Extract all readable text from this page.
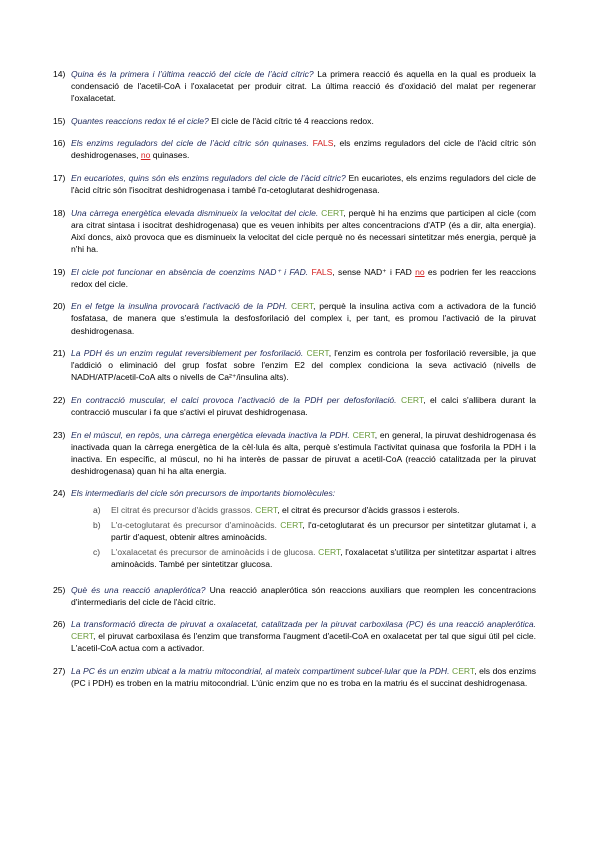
14) Quina és la primera i l’última reacció del cicle de l’àcid cítric? La primera reacció és aquella en la qual es produeix la condensació de l'acetil-CoA i l'oxalacetat per produir citrat. La última reacció és d'oxidació del malat per regenerar l'oxalacetat.
15) Quantes reaccions redox té el cicle? El cicle de l'àcid cítric té 4 reaccions redox.
16) Els enzims reguladors del cicle de l’àcid cítric són quinases. FALS, els enzims reguladors del cicle de l'àcid cítric són deshidrogenases, no quinases.
17) En eucariotes, quins són els enzims reguladors del cicle de l’àcid cítric? En eucariotes, els enzims reguladors del cicle de l'àcid cítric són l'isocitrat deshidrogenasa i també l'α-cetoglutarat deshidrogenasa.
18) Una càrrega energètica elevada disminueix la velocitat del cicle. CERT, perquè hi ha enzims que participen al cicle (com ara citrat sintasa i isocitrat deshidrogenasa) que es veuen inhibits per altes concentracions d'ATP (és a dir, alta energia). Així doncs, això provoca que es disminueix la velocitat del cicle perquè no és necessari sintetitzar més energia, perquè ja n'hi ha.
19) El cicle pot funcionar en absència de coenzims NAD⁺ i FAD. FALS, sense NAD⁺ i FAD no es podrien fer les reaccions redox del cicle.
20) En el fetge la insulina provocarà l’activació de la PDH. CERT, perquè la insulina activa com a activadora de la funció fosfatasa, de manera que s'estimula la desfosforilació del complex i, per tant, es promou l'activació de la piruvat deshidrogenasa.
21) La PDH és un enzim regulat reversiblement per fosforilació. CERT, l'enzim es controla per fosforilació reversible, ja que l'addició o eliminació del grup fosfat sobre l'enzim E2 del complex condiciona la seva activació (nivells de NADH/ATP/acetil-CoA alts o nivells de Ca²⁺/insulina alts).
22) En contracció muscular, el calci provoca l’activació de la PDH per defosforilació. CERT, el calci s'allibera durant la contracció muscular i fa que s'activi el piruvat deshidrogenasa.
23) En el múscul, en repòs, una càrrega energètica elevada inactiva la PDH. CERT, en general, la piruvat deshidrogenasa és inactivada quan la càrrega energètica de la cèl·lula és alta, perquè s'estimula l'activitat quinasa que fosforila la PDH i la inactiva. En específic, al múscul, no hi ha interès de passar de piruvat a acetil-CoA (reacció catalitzada per la piruvat deshidrogenasa) quan hi ha alta energia.
24) Els intermediaris del cicle són precursors de importants biomolècules:
a)	El citrat és precursor d'àcids grassos. CERT, el citrat és precursor d'àcids grassos i esterols.
b)	L'α-cetoglutarat és precursor d'aminoàcids. CERT, l'α-cetoglutarat és un precursor per sintetitzar glutamat i, a partir d'aquest, obtenir altres aminoàcids.
c)	L'oxalacetat és precursor de aminoàcids i de glucosa. CERT, l'oxalacetat s'utilitza per sintetitzar aspartat i altres aminoàcids. També per sintetitzar glucosa.
25) Què és una reacció anaplerótica? Una reacció anaplerótica són reaccions auxiliars que reomplen les concentracions d'intermediaris del cicle de l'àcid cítric.
26) La transformació directa de piruvat a oxalacetat, catalitzada per la piruvat carboxilasa (PC) és una reacció anaplerótica. CERT, el piruvat carboxilasa és l'enzim que transforma l'augment d'acetil-CoA en oxalacetat per tal que sigui útil pel cicle. L'acetil-CoA actua com a activador.
27) La PC és un enzim ubicat a la matriu mitocondrial, al mateix compartiment subcel·lular que la PDH. CERT, els dos enzims (PC i PDH) es troben en la matriu mitocondrial. L'únic enzim que no es troba en la matriu és el succinat deshidrogenasa.
